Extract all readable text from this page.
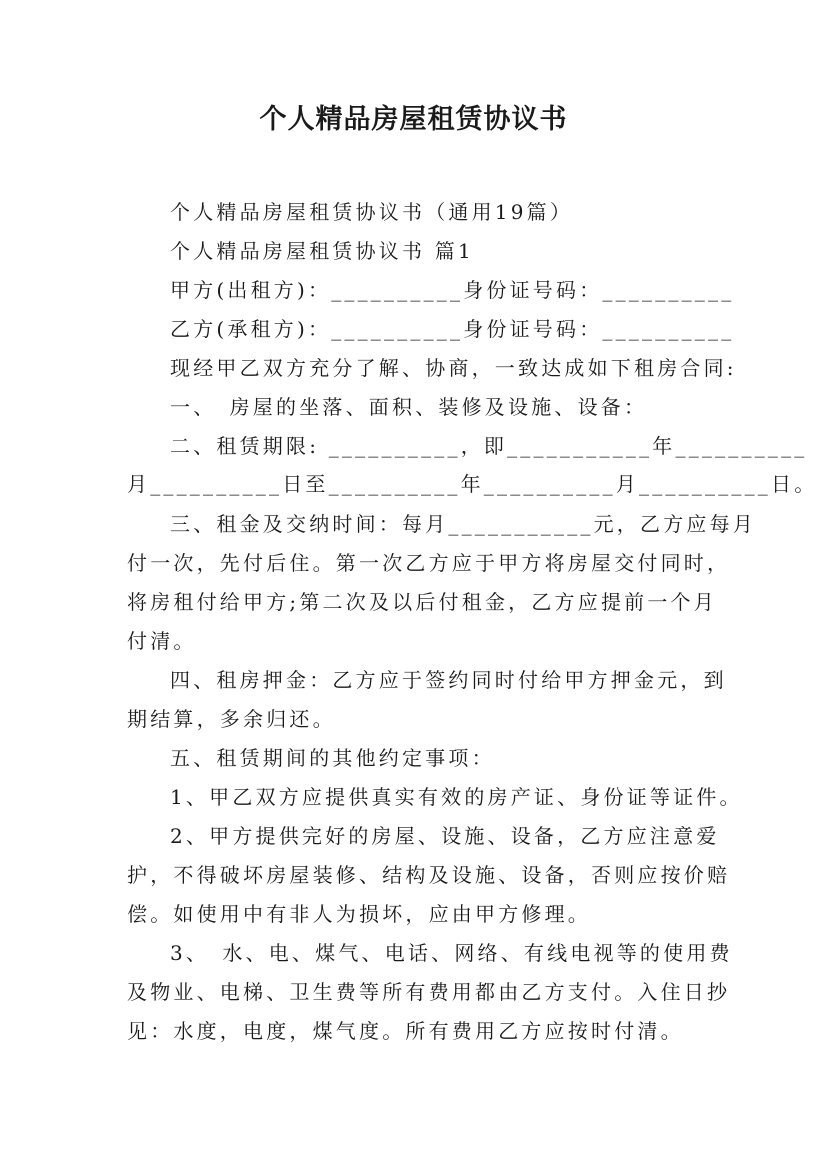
个人精品房屋租赁协议书
个人精品房屋租赁协议书（通用19篇）
个人精品房屋租赁协议书 篇1
甲方(出租方)：__________身份证号码：__________
乙方(承租方)：__________身份证号码：__________
现经甲乙双方充分了解、协商，一致达成如下租房合同:
一、　房屋的坐落、面积、装修及设施、设备：
二、租赁期限: __________，即___________年__________
月__________日至__________年__________月__________日。
三、租金及交纳时间：每月___________元，乙方应每月
付一次，先付后住。第一次乙方应于甲方将房屋交付同时，
将房租付给甲方;第二次及以后付租金，乙方应提前一个月
付清。
四、租房押金：乙方应于签约同时付给甲方押金元，到
期结算，多余归还。
五、租赁期间的其他约定事项：
1、甲乙双方应提供真实有效的房产证、身份证等证件。
2、甲方提供完好的房屋、设施、设备，乙方应注意爱
护，不得破坏房屋装修、结构及设施、设备，否则应按价赔
偿。如使用中有非人为损坏，应由甲方修理。
3、　水、电、煤气、电话、网络、有线电视等的使用费
及物业、电梯、卫生费等所有费用都由乙方支付。入住日抄
见：水度，电度，煤气度。所有费用乙方应按时付清。
